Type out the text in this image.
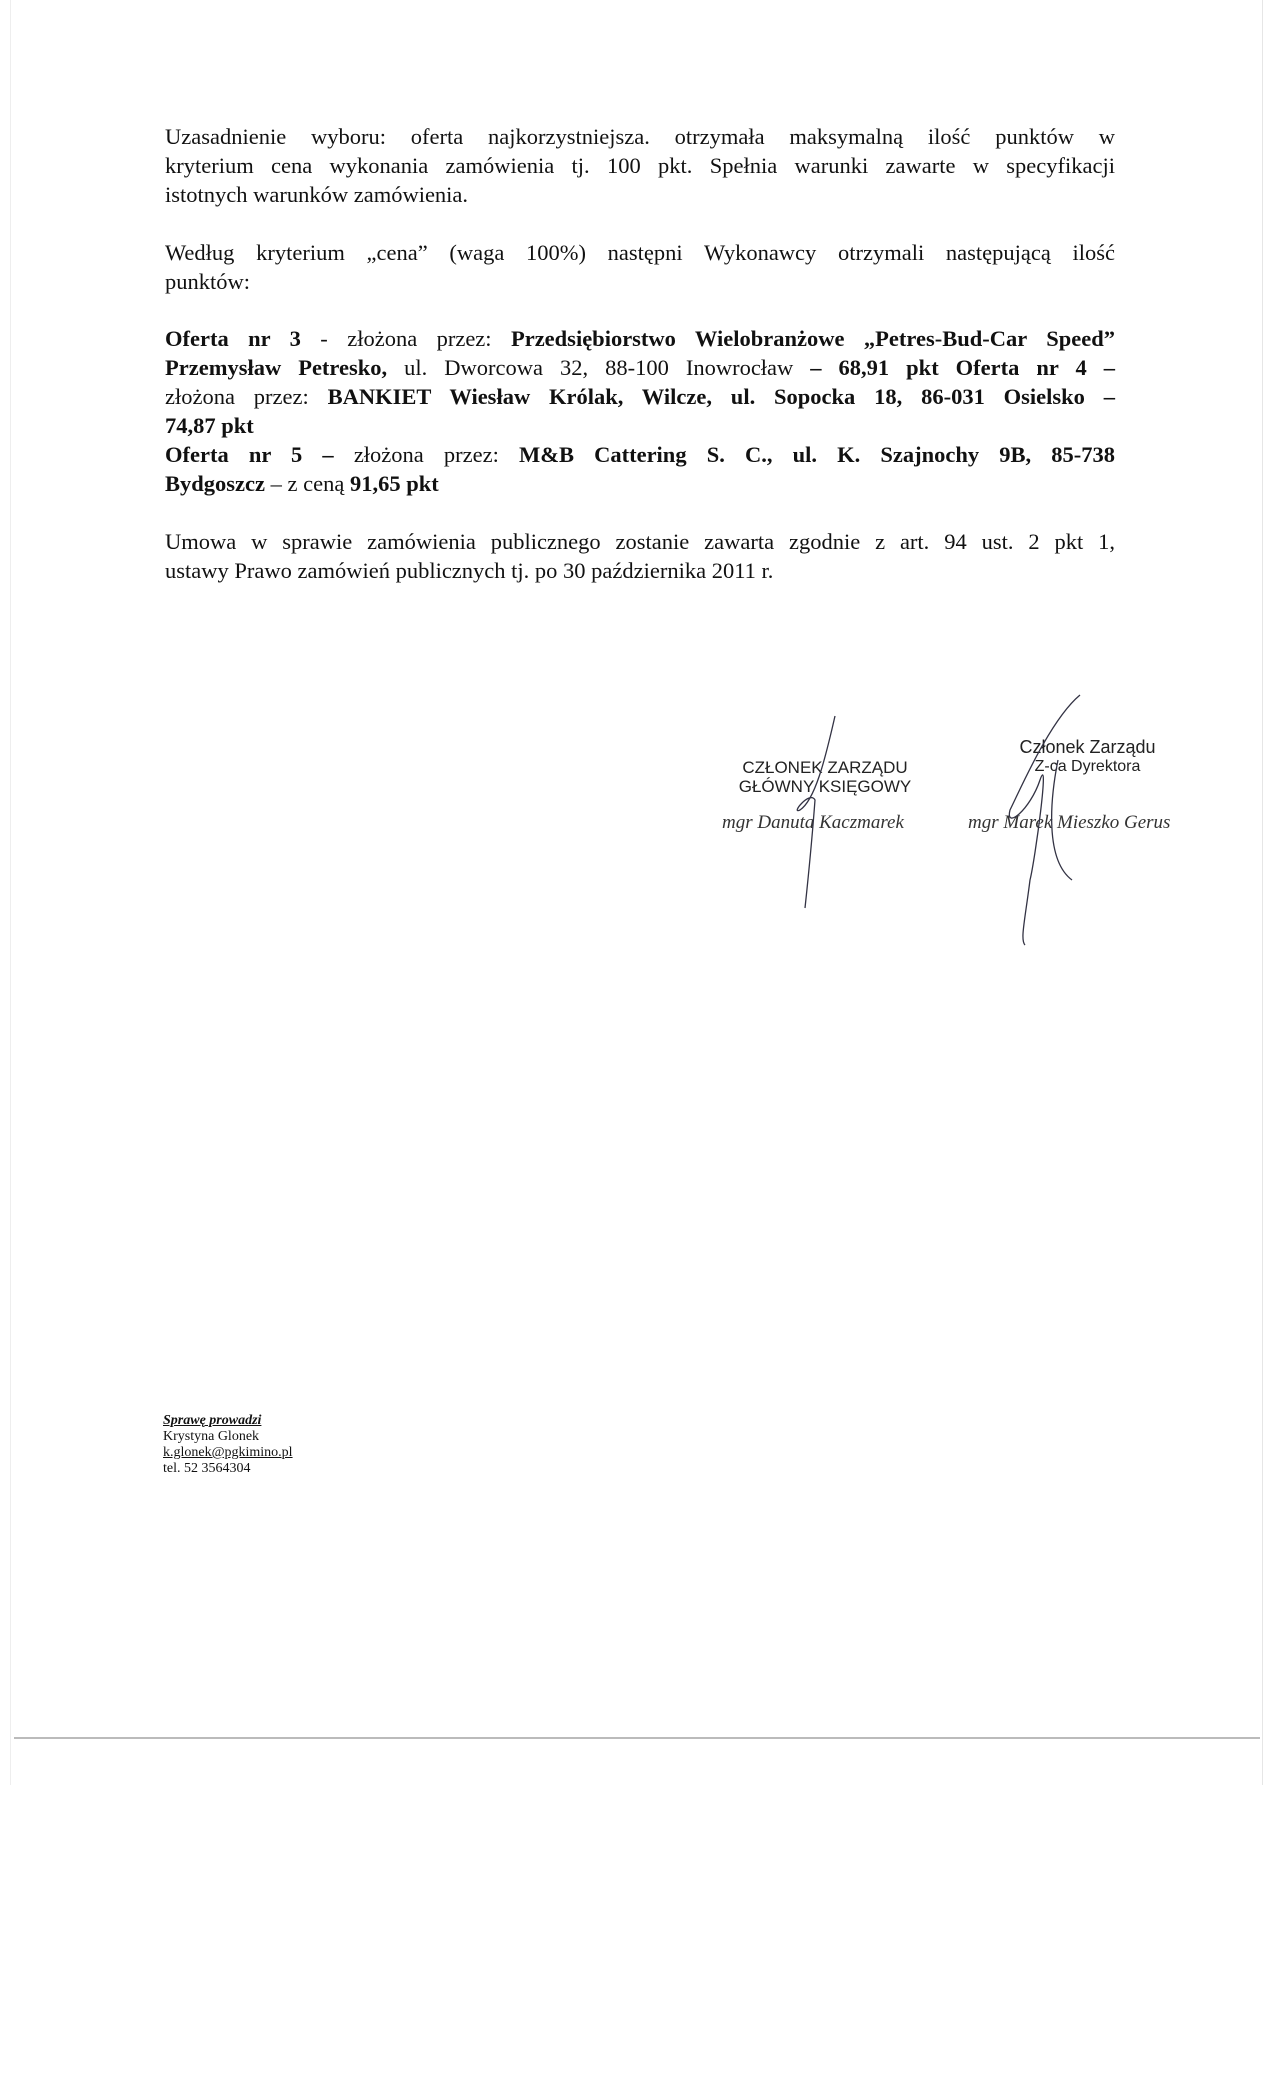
Uzasadnienie wyboru: oferta najkorzystniejsza. otrzymała maksymalną ilość punktów w
kryterium cena wykonania zamówienia tj. 100 pkt. Spełnia warunki zawarte w specyfikacji
istotnych warunków zamówienia.
Według kryterium „cena” (waga 100%) następni Wykonawcy otrzymali następującą ilość
punktów:
Oferta nr 3 - złożona przez: Przedsiębiorstwo Wielobranżowe „Petres-Bud-Car Speed”
Przemysław Petresko, ul. Dworcowa 32, 88-100 Inowrocław – 68,91 pkt Oferta nr 4 –
złożona przez: BANKIET Wiesław Królak, Wilcze, ul. Sopocka 18, 86-031 Osielsko –
74,87 pkt
Oferta nr 5 – złożona przez: M&B Cattering S. C., ul. K. Szajnochy 9B, 85-738
Bydgoszcz – z ceną 91,65 pkt
Umowa w sprawie zamówienia publicznego zostanie zawarta zgodnie z art. 94 ust. 2 pkt 1,
ustawy Prawo zamówień publicznych tj. po 30 października 2011 r.
CZŁONEK ZARZĄDU
GŁÓWNY KSIĘGOWY
mgr Danuta Kaczmarek
Członek Zarządu
Z-ca Dyrektora
mgr Marek Mieszko Gerus
Sprawę prowadzi
Krystyna Glonek
k.glonek@pgkimino.pl
tel. 52 3564304
